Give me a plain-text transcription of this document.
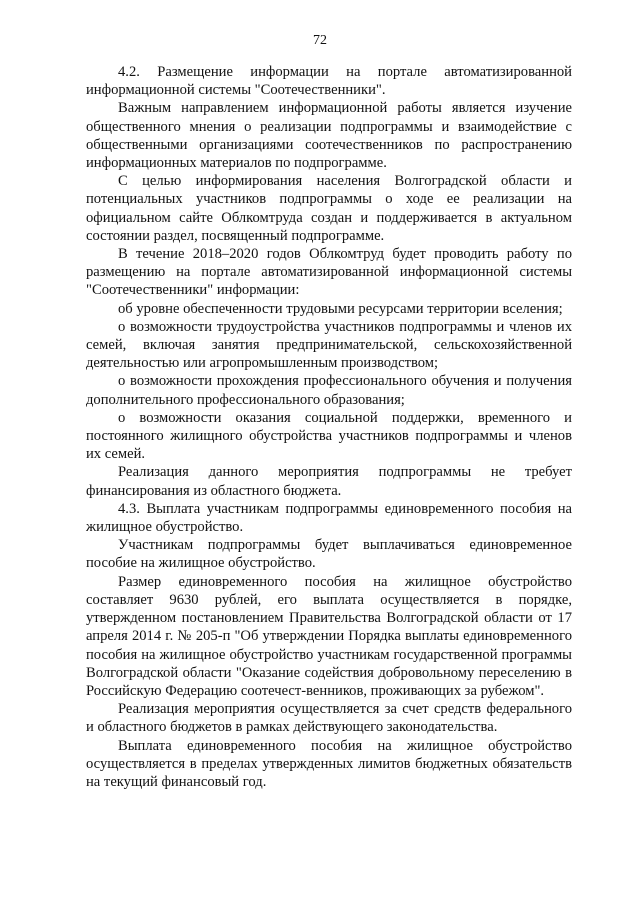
72

4.2. Размещение информации на портале автоматизированной информационной системы "Соотечественники".

Важным направлением информационной работы является изучение общественного мнения о реализации подпрограммы и взаимодействие с общественными организациями соотечественников по распространению информационных материалов по подпрограмме.

С целью информирования населения Волгоградской области и потенциальных участников подпрограммы о ходе ее реализации на официальном сайте Облкомтруда создан и поддерживается в актуальном состоянии раздел, посвященный подпрограмме.

В течение 2018–2020 годов Облкомтруд будет проводить работу по размещению на портале автоматизированной информационной системы "Соотечественники" информации:

об уровне обеспеченности трудовыми ресурсами территории вселения;

о возможности трудоустройства участников подпрограммы и членов их семей, включая занятия предпринимательской, сельскохозяйственной деятельностью или агропромышленным производством;

о возможности прохождения профессионального обучения и получения дополнительного профессионального образования;

о возможности оказания социальной поддержки, временного и постоянного жилищного обустройства участников подпрограммы и членов их семей.

Реализация данного мероприятия подпрограммы не требует финансирования из областного бюджета.

4.3. Выплата участникам подпрограммы единовременного пособия на жилищное обустройство.

Участникам подпрограммы будет выплачиваться единовременное пособие на жилищное обустройство.

Размер единовременного пособия на жилищное обустройство составляет 9630 рублей, его выплата осуществляется в порядке, утвержденном постановлением Правительства Волгоградской области от 17 апреля 2014 г. № 205-п "Об утверждении Порядка выплаты единовременного пособия на жилищное обустройство участникам государственной программы Волгоградской области "Оказание содействия добровольному переселению в Российскую Федерацию соотечест-венников, проживающих за рубежом".

Реализация мероприятия осуществляется за счет средств федерального и областного бюджетов в рамках действующего законодательства.

Выплата единовременного пособия на жилищное обустройство осуществляется в пределах утвержденных лимитов бюджетных обязательств на текущий финансовый год.
